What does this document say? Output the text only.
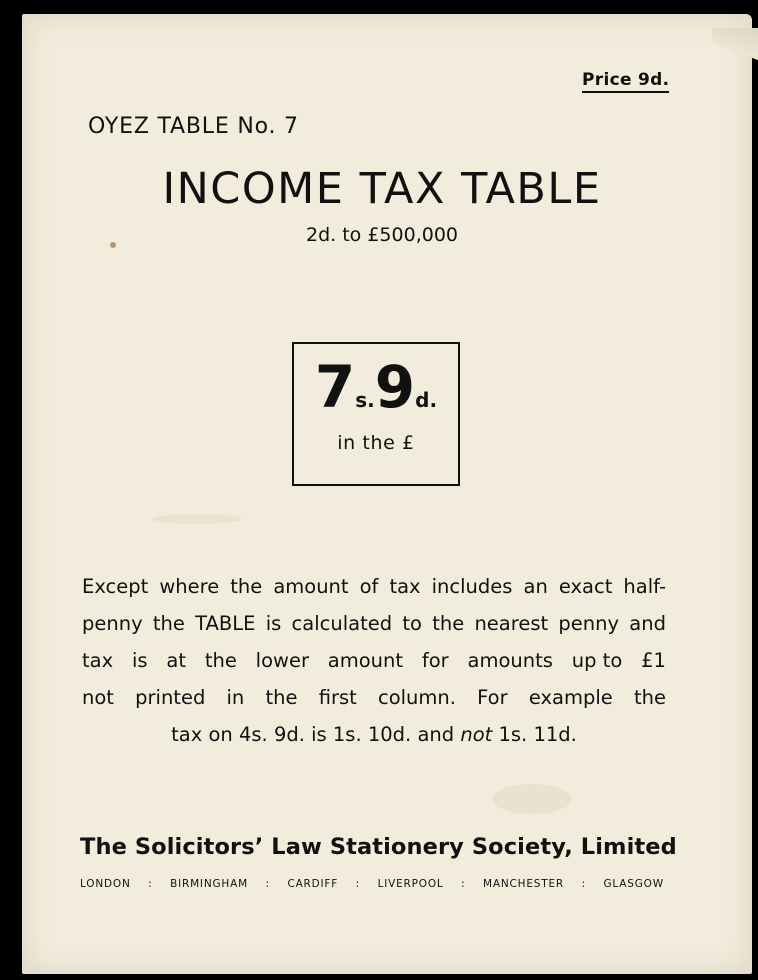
Price 9d.
OYEZ TABLE No. 7
INCOME TAX TABLE
2d. to £500,000
7s.9d.
in the £
Except where the amount of tax includes an exact half-
penny the TABLE is calculated to the nearest penny and
tax is at the lower amount for amounts up to £1
not printed in the first column. For example the
tax on 4s. 9d. is 1s. 10d. and not 1s. 11d.
The Solicitors’ Law Stationery Society, Limited
LONDON : BIRMINGHAM : CARDIFF : LIVERPOOL : MANCHESTER : GLASGOW
